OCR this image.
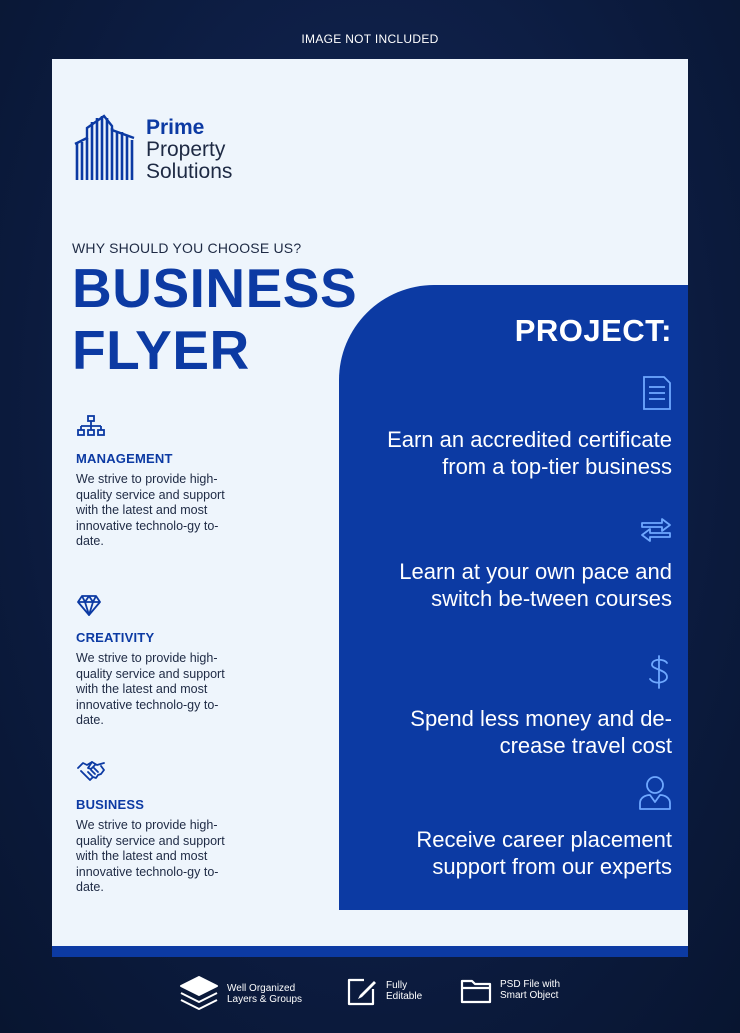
IMAGE NOT INCLUDED
Prime
Property
Solutions
WHY SHOULD YOU CHOOSE US?
BUSINESS
FLYER
MANAGEMENT
We strive to provide high-quality service and support with the latest and most innovative technolo-gy to-date.
CREATIVITY
We strive to provide high-quality service and support with the latest and most innovative technolo-gy to-date.
BUSINESS
We strive to provide high-quality service and support with the latest and most innovative technolo-gy to-date.
PROJECT:
Earn an accredited certificate from a top-tier business
Learn at your own pace and switch be-tween courses
Spend less money and de-crease travel cost
Receive career placement support from our experts
Well Organized
Layers & Groups
Fully
Editable
PSD File with
Smart Object
